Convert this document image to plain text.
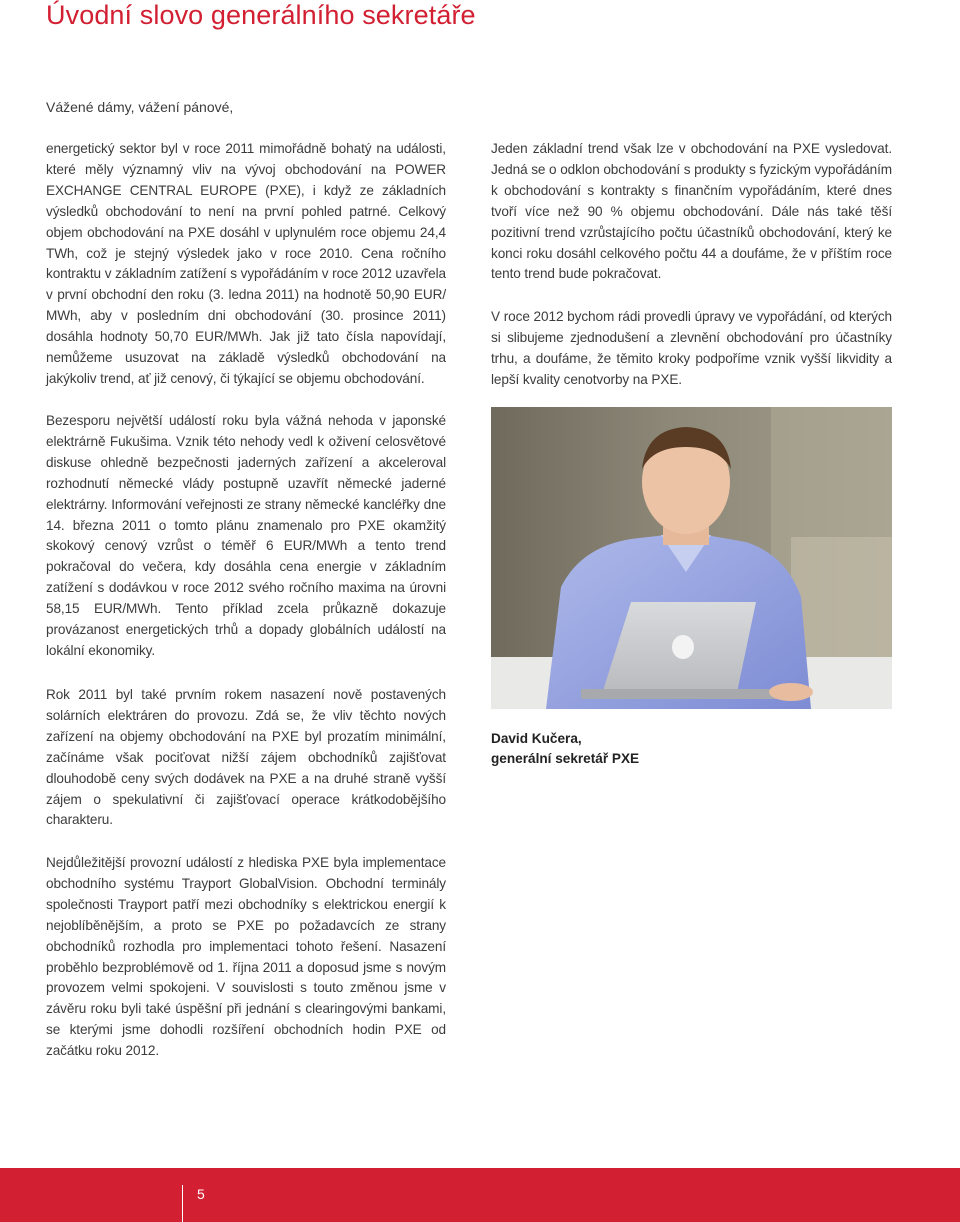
Úvodní slovo generálního sekretáře

Vážené dámy, vážení pánové,

energetický sektor byl v roce 2011 mimořádně bohatý na události, které měly významný vliv na vývoj obchodování na POWER EXCHANGE CENTRAL EUROPE (PXE), i když ze základních výsledků obchodování to není na první pohled patrné. Celkový objem obchodování na PXE dosáhl v uplynulém roce objemu 24,4 TWh, což je stejný výsledek jako v roce 2010. Cena ročního kontraktu v základním zatížení s vypořádáním v roce 2012 uzavřela v první obchodní den roku (3. ledna 2011) na hodnotě 50,90 EUR/ MWh, aby v posledním dni obchodování (30. prosince 2011) dosáhla hodnoty 50,70 EUR/MWh. Jak již tato čísla napovídají, nemůžeme usuzovat na základě výsledků obchodování na jakýkoliv trend, ať již cenový, či týkající se objemu obchodování.

Bezesporu největší událostí roku byla vážná nehoda v japonské elektrárně Fukušima. Vznik této nehody vedl k oživení celosvětové diskuse ohledně bezpečnosti jaderných zařízení a akceleroval rozhodnutí německé vlády postupně uzavřít německé jaderné elektrárny. Informování veřejnosti ze strany německé kancléřky dne 14. března 2011 o tomto plánu znamenalo pro PXE okamžitý skokový cenový vzrůst o téměř 6 EUR/MWh a tento trend pokračoval do večera, kdy dosáhla cena energie v základním zatížení s dodávkou v roce 2012 svého ročního maxima na úrovni 58,15 EUR/MWh. Tento příklad zcela průkazně dokazuje provázanost energetických trhů a dopady globálních událostí na lokální ekonomiky.

Rok 2011 byl také prvním rokem nasazení nově postavených solárních elektráren do provozu. Zdá se, že vliv těchto nových zařízení na objemy obchodování na PXE byl prozatím minimální, začínáme však pociťovat nižší zájem obchodníků zajišťovat dlouhodobě ceny svých dodávek na PXE a na druhé straně vyšší zájem o spekulativní či zajišťovací operace krátkodobějšího charakteru.

Nejdůležitější provozní událostí z hlediska PXE byla implementace obchodního systému Trayport GlobalVision. Obchodní terminály společnosti Trayport patří mezi obchodníky s elektrickou energií k nejoblíběnějším, a proto se PXE po požadavcích ze strany obchodníků rozhodla pro implementaci tohoto řešení. Nasazení proběhlo bezproblémově od 1. října 2011 a doposud jsme s novým provozem velmi spokojeni. V souvislosti s touto změnou jsme v závěru roku byli také úspěšní při jednání s clearingovými bankami, se kterými jsme dohodli rozšíření obchodních hodin PXE od začátku roku 2012.

Jeden základní trend však lze v obchodování na PXE vysledovat. Jedná se o odklon obchodování s produkty s fyzickým vypořádáním k obchodování s kontrakty s finančním vypořádáním, které dnes tvoří více než 90 % objemu obchodování. Dále nás také těší pozitivní trend vzrůstajícího počtu účastníků obchodování, který ke konci roku dosáhl celkového počtu 44 a doufáme, že v příštím roce tento trend bude pokračovat.

V roce 2012 bychom rádi provedli úpravy ve vypořádání, od kterých si slibujeme zjednodušení a zlevnění obchodování pro účastníky trhu, a doufáme, že těmito kroky podpoříme vznik vyšší likvidity a lepší kvality cenotvorby na PXE.

David Kučera,
generální sekretář PXE

5
